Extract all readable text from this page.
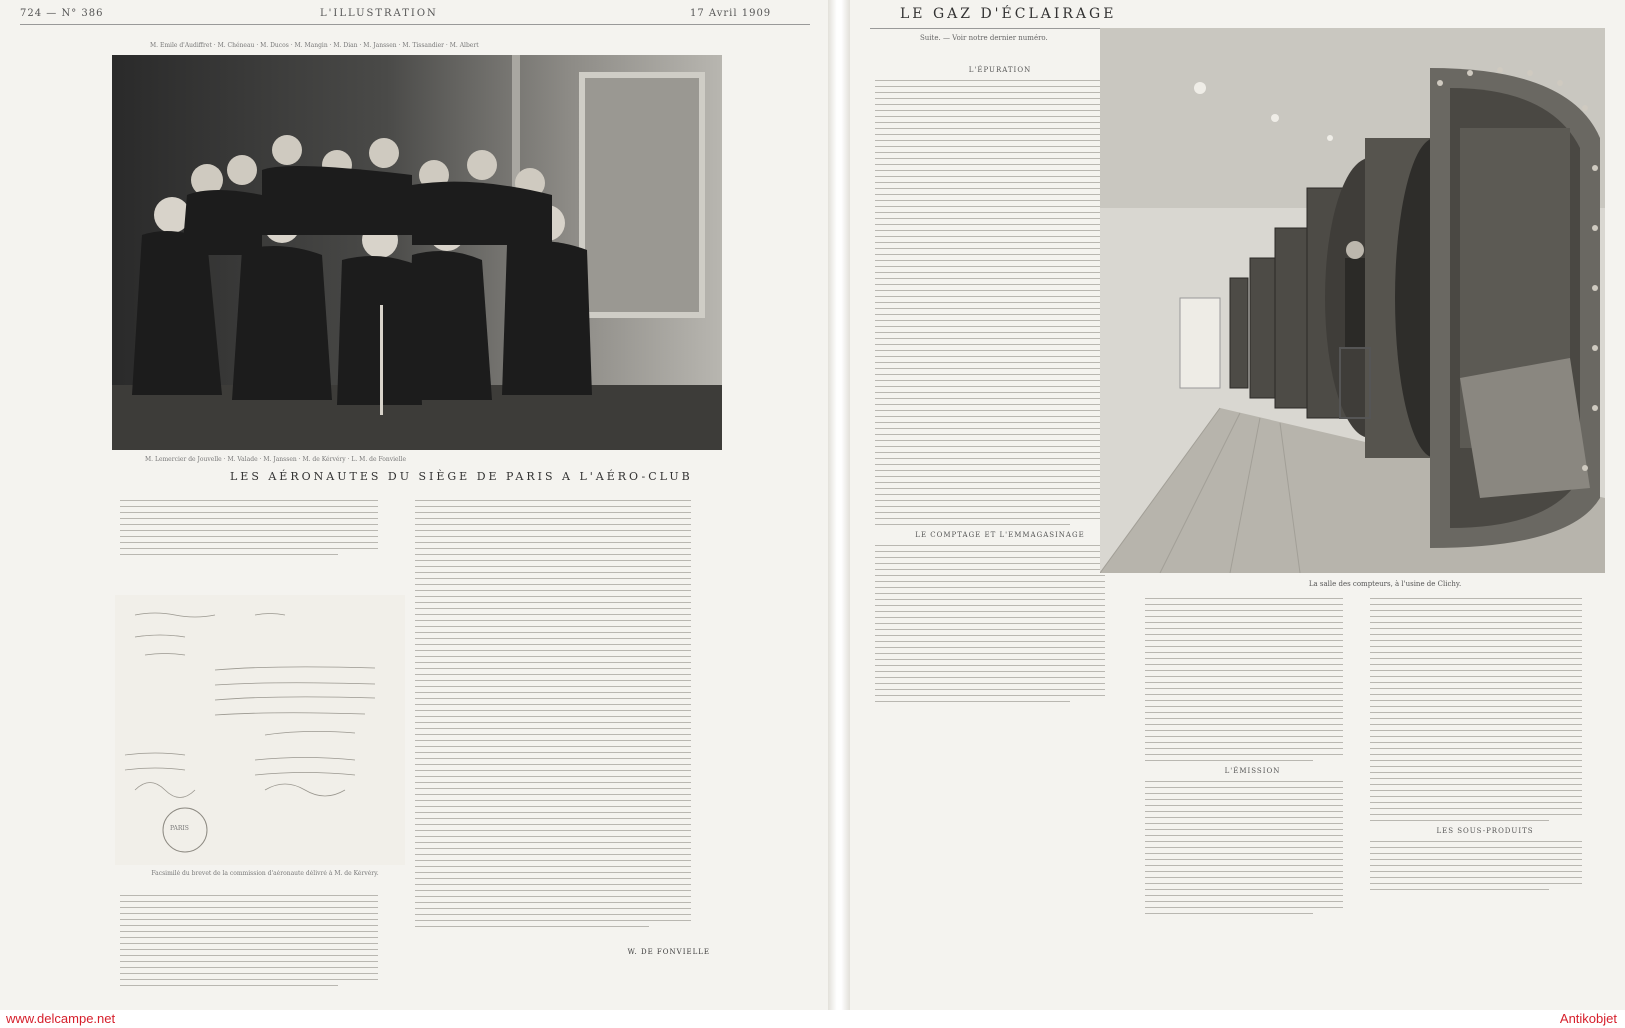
724 — N° 386	L'ILLUSTRATION	17 Avril 1909
M. Emile d'Audiffret · M. Chéneau · M. Ducos · M. Mangin · M. Dian · M. Janssen · M. Tissandier · M. Albert
M. Lemercier de Jouvelle · M. Valade · M. Janssen · M. de Kérvéry · L. M. de Fonvielle
LES AÉRONAUTES DU SIÈGE DE PARIS A L'AÉRO-CLUB
PARIS
Facsimilé du brevet de la commission d'aéronaute délivré à M. de Kérvéry.
W. DE FONVIELLE
LE GAZ D'ÉCLAIRAGE
Suite. — Voir notre dernier numéro.
L'ÉPURATION
LE COMPTAGE ET L'EMMAGASINAGE
La salle des compteurs, à l'usine de Clichy.
L'ÉMISSION
LES SOUS-PRODUITS
www.delcampe.net	Antikobjet
